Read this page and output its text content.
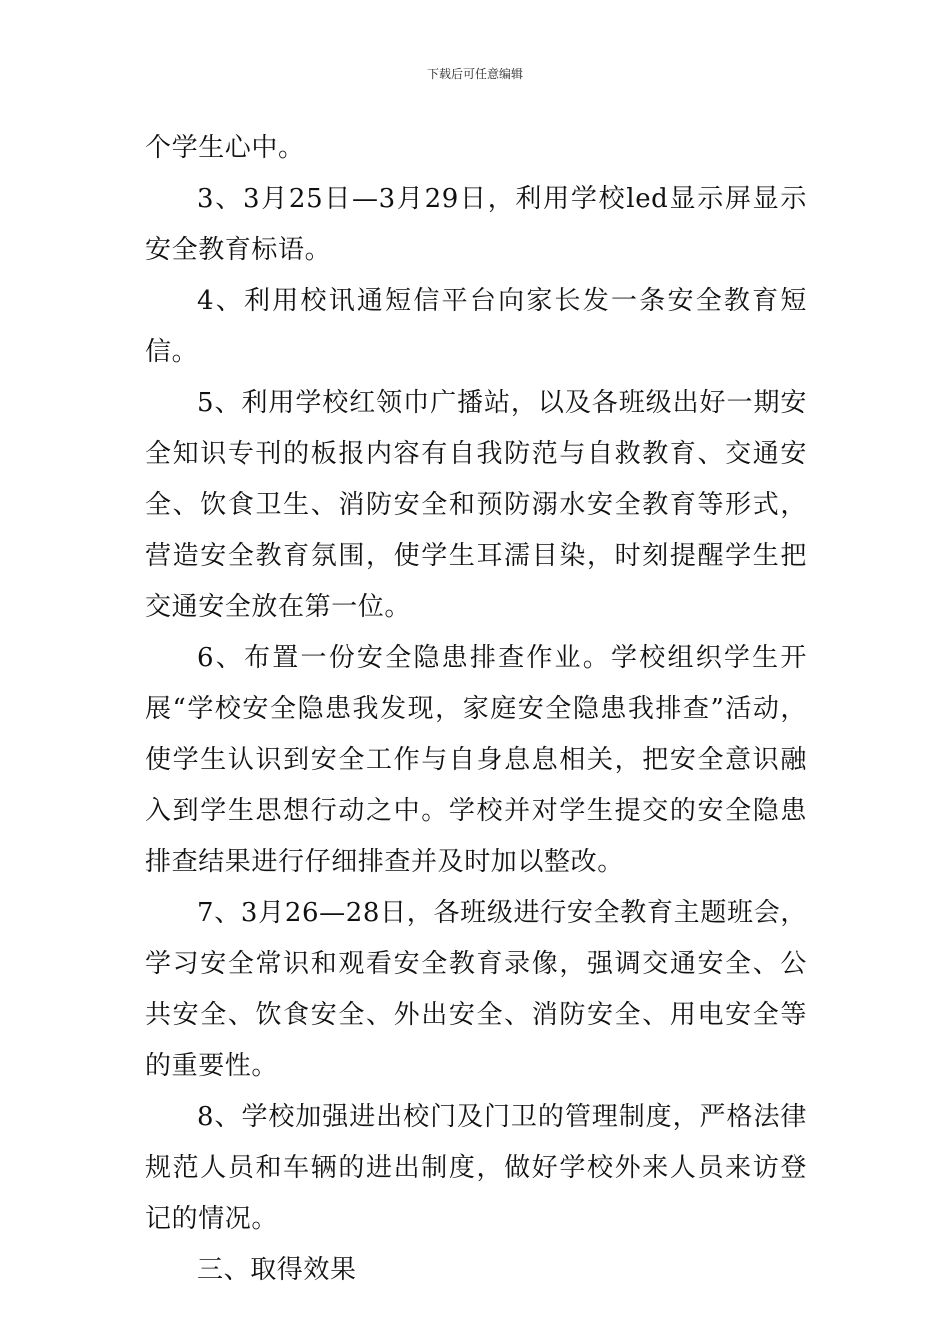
下载后可任意编辑

个学生心中。

3、3月25日—3月29日，利用学校led显示屏显示安全教育标语。

4、利用校讯通短信平台向家长发一条安全教育短信。

5、利用学校红领巾广播站，以及各班级出好一期安全知识专刊的板报内容有自我防范与自救教育、交通安全、饮食卫生、消防安全和预防溺水安全教育等形式，营造安全教育氛围，使学生耳濡目染，时刻提醒学生把交通安全放在第一位。

6、布置一份安全隐患排查作业。学校组织学生开展“学校安全隐患我发现，家庭安全隐患我排查”活动，使学生认识到安全工作与自身息息相关，把安全意识融入到学生思想行动之中。学校并对学生提交的安全隐患排查结果进行仔细排查并及时加以整改。

7、3月26—28日，各班级进行安全教育主题班会，学习安全常识和观看安全教育录像，强调交通安全、公共安全、饮食安全、外出安全、消防安全、用电安全等的重要性。

8、学校加强进出校门及门卫的管理制度，严格法律规范人员和车辆的进出制度，做好学校外来人员来访登记的情况。

三、取得效果
